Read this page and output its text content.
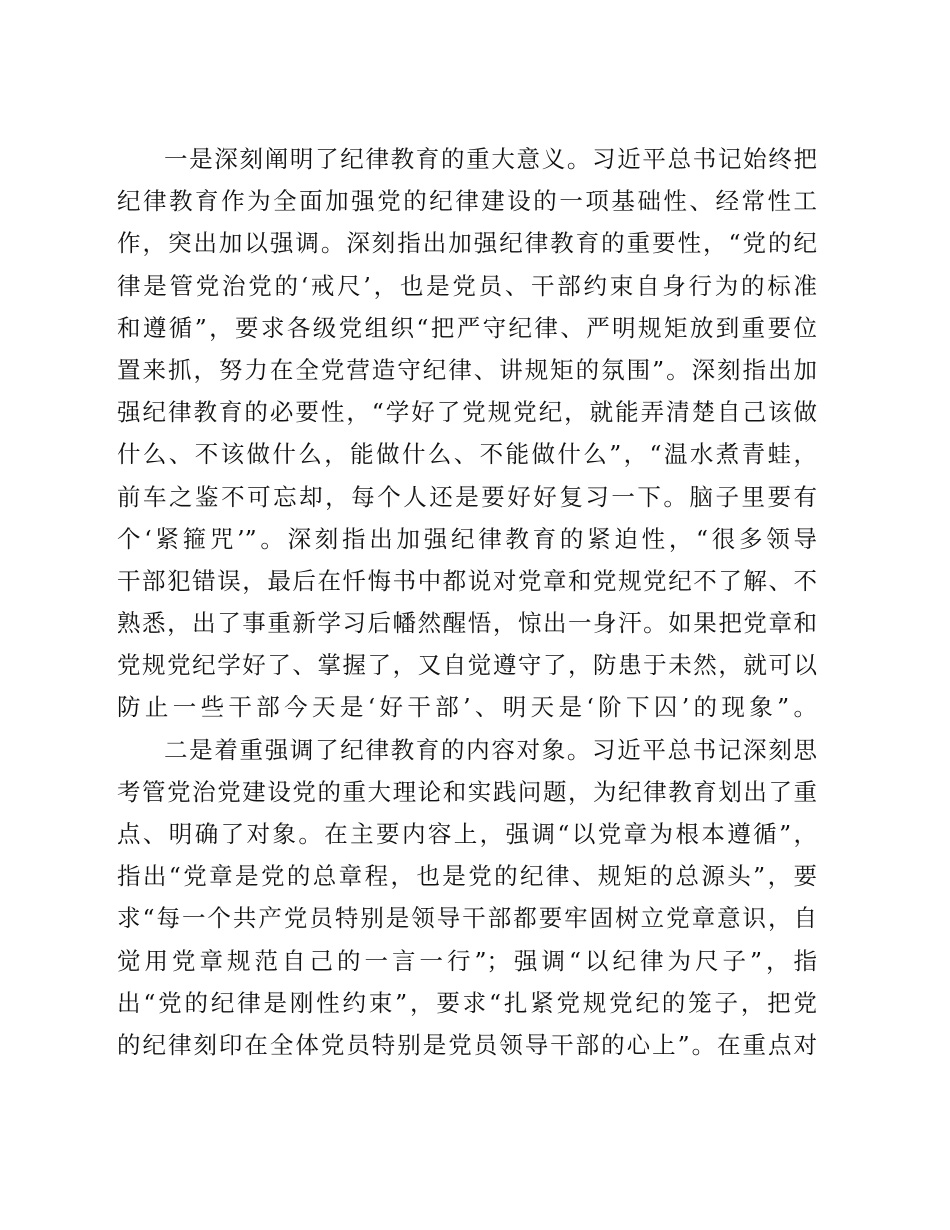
一是深刻阐明了纪律教育的重大意义。习近平总书记始终把
纪律教育作为全面加强党的纪律建设的一项基础性、经常性工
作，突出加以强调。深刻指出加强纪律教育的重要性，“党的纪
律是管党治党的‘戒尺’，也是党员、干部约束自身行为的标准
和遵循”，要求各级党组织“把严守纪律、严明规矩放到重要位
置来抓，努力在全党营造守纪律、讲规矩的氛围”。深刻指出加
强纪律教育的必要性，“学好了党规党纪，就能弄清楚自己该做
什么、不该做什么，能做什么、不能做什么”，“温水煮青蛙，
前车之鉴不可忘却，每个人还是要好好复习一下。脑子里要有
个‘紧箍咒’”。深刻指出加强纪律教育的紧迫性，“很多领导
干部犯错误，最后在忏悔书中都说对党章和党规党纪不了解、不
熟悉，出了事重新学习后幡然醒悟，惊出一身汗。如果把党章和
党规党纪学好了、掌握了，又自觉遵守了，防患于未然，就可以
防止一些干部今天是‘好干部’、明天是‘阶下囚’的现象”。
二是着重强调了纪律教育的内容对象。习近平总书记深刻思
考管党治党建设党的重大理论和实践问题，为纪律教育划出了重
点、明确了对象。在主要内容上，强调“以党章为根本遵循”，
指出“党章是党的总章程，也是党的纪律、规矩的总源头”，要
求“每一个共产党员特别是领导干部都要牢固树立党章意识，自
觉用党章规范自己的一言一行”；强调“以纪律为尺子”，指
出“党的纪律是刚性约束”，要求“扎紧党规党纪的笼子，把党
的纪律刻印在全体党员特别是党员领导干部的心上”。在重点对
